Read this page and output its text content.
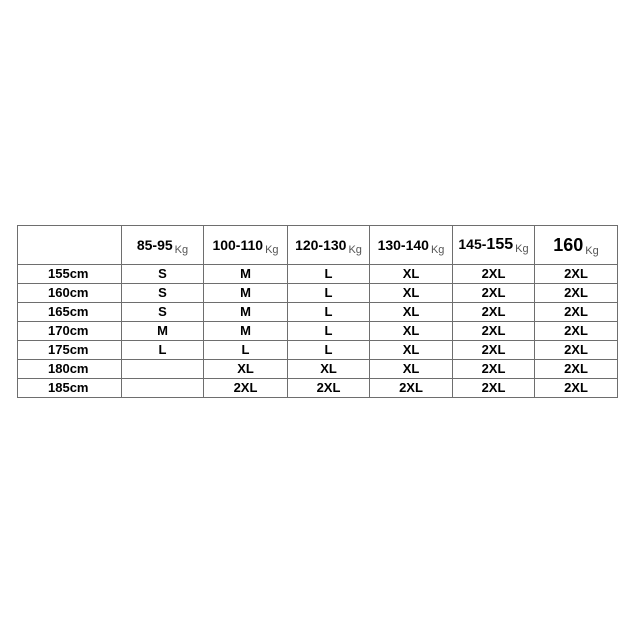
	85-95 $_{Kg}$	100-110 $_{Kg}$	120-130 $_{Kg}$	130-140 $_{Kg}$	145-155 $_{Kg}$	160 $_{Kg}$
155cm	S	M	L	XL	2XL	2XL
160cm	S	M	L	XL	2XL	2XL
165cm	S	M	L	XL	2XL	2XL
170cm	M	M	L	XL	2XL	2XL
175cm	L	L	L	XL	2XL	2XL
180cm		XL	XL	XL	2XL	2XL
185cm		2XL	2XL	2XL	2XL	2XL
